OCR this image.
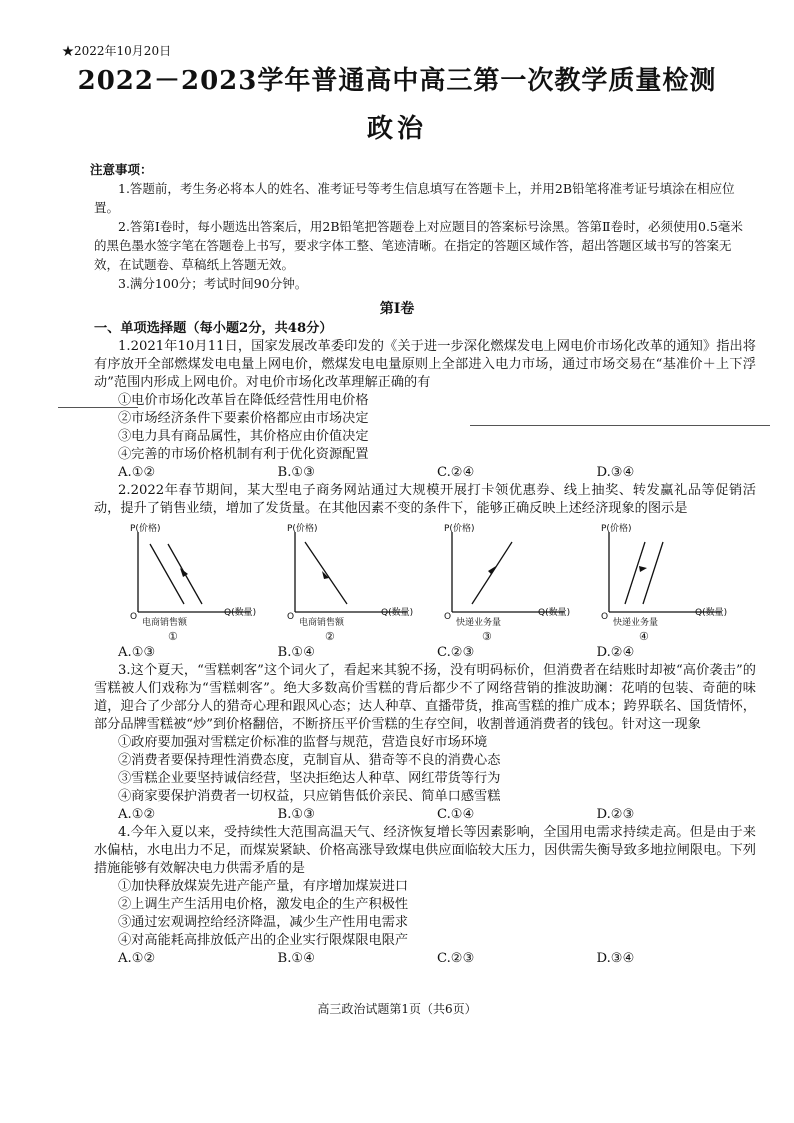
★2022年10月20日
2022－2023学年普通高中高三第一次教学质量检测
政治

注意事项：

1.答题前，考生务必将本人的姓名、准考证号等考生信息填写在答题卡上，并用2B铅笔将准考证号填涂在相应位置。

2.答第Ⅰ卷时，每小题选出答案后，用2B铅笔把答题卷上对应题目的答案标号涂黑。答第Ⅱ卷时，必须使用0.5毫米的黑色墨水签字笔在答题卷上书写，要求字体工整、笔迹清晰。在指定的答题区域作答，超出答题区域书写的答案无效，在试题卷、草稿纸上答题无效。

3.满分100分；考试时间90分钟。

第Ⅰ卷

一、单项选择题（每小题2分，共48分）

1.2021年10月11日，国家发展改革委印发的《关于进一步深化燃煤发电上网电价市场化改革的通知》指出将有序放开全部燃煤发电电量上网电价，燃煤发电电量原则上全部进入电力市场，通过市场交易在“基准价＋上下浮动”范围内形成上网电价。对电价市场化改革理解正确的有

①电价市场化改革旨在降低经营性用电价格

②市场经济条件下要素价格都应由市场决定

③电力具有商品属性，其价格应由价值决定

④完善的市场价格机制有利于优化资源配置

A.①②	B.①③	C.②④	D.③④

2.2022年春节期间，某大型电子商务网站通过大规模开展打卡领优惠券、线上抽奖、转发赢礼品等促销活动，提升了销售业绩，增加了发货量。在其他因素不变的条件下，能够正确反映上述经济现象的图示是

P(价格)
O
电商销售额
Q(数量)
①
P(价格)
O
电商销售额
Q(数量)
②
P(价格)
O
快递业务量
Q(数量)
③
P(价格)
O
快递业务量
Q(数量)
④
A.①③	B.①④	C.②③	D.②④

3.这个夏天，“雪糕刺客”这个词火了，看起来其貌不扬，没有明码标价，但消费者在结账时却被“高价袭击”的雪糕被人们戏称为“雪糕刺客”。绝大多数高价雪糕的背后都少不了网络营销的推波助澜：花哨的包装、奇葩的味道，迎合了少部分人的猎奇心理和跟风心态；达人种草、直播带货，推高雪糕的推广成本；跨界联名、国货情怀，部分品牌雪糕被“炒”到价格翻倍，不断挤压平价雪糕的生存空间，收割普通消费者的钱包。针对这一现象

①政府要加强对雪糕定价标准的监督与规范，营造良好市场环境

②消费者要保持理性消费态度，克制盲从、猎奇等不良的消费心态

③雪糕企业要坚持诚信经营，坚决拒绝达人种草、网红带货等行为

④商家要保护消费者一切权益，只应销售低价亲民、简单口感雪糕

A.①②	B.①③	C.①④	D.②③

4.今年入夏以来，受持续性大范围高温天气、经济恢复增长等因素影响，全国用电需求持续走高。但是由于来水偏枯，水电出力不足，而煤炭紧缺、价格高涨导致煤电供应面临较大压力，因供需失衡导致多地拉闸限电。下列措施能够有效解决电力供需矛盾的是

①加快释放煤炭先进产能产量，有序增加煤炭进口

②上调生产生活用电价格，激发电企的生产积极性

③通过宏观调控给经济降温，减少生产性用电需求

④对高能耗高排放低产出的企业实行限煤限电限产

A.①②	B.①④	C.②③	D.③④
高三政治试题第1页（共6页）
